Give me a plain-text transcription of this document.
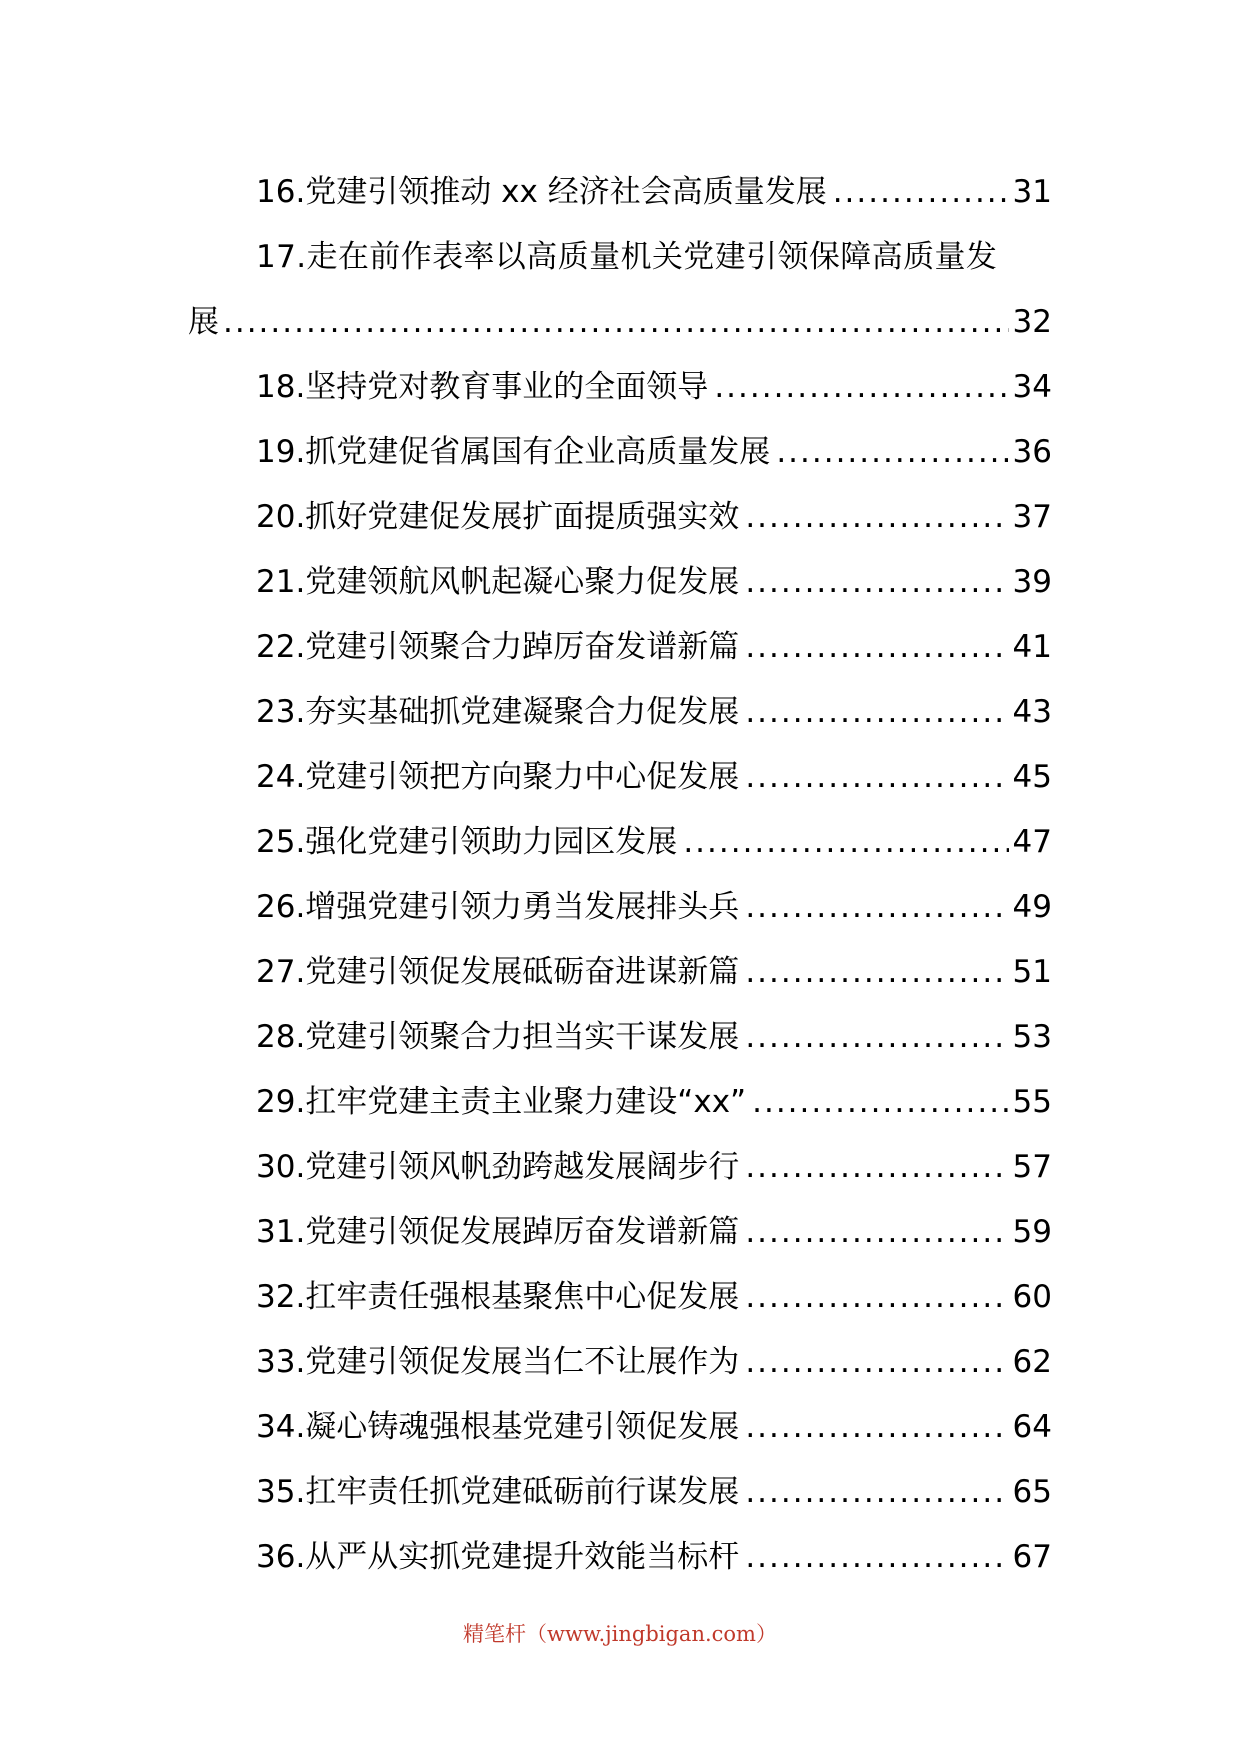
16.党建引领推动 xx 经济社会高质量发展 .....	31
17.走在前作表率以高质量机关党建引领保障高质量发
展 .....	32
18.坚持党对教育事业的全面领导 .....	34
19.抓党建促省属国有企业高质量发展 .....	36
20.抓好党建促发展扩面提质强实效 .....	37
21.党建领航风帆起凝心聚力促发展 .....	39
22.党建引领聚合力踔厉奋发谱新篇 .....	41
23.夯实基础抓党建凝聚合力促发展 .....	43
24.党建引领把方向聚力中心促发展 .....	45
25.强化党建引领助力园区发展 .....	47
26.增强党建引领力勇当发展排头兵 .....	49
27.党建引领促发展砥砺奋进谋新篇 .....	51
28.党建引领聚合力担当实干谋发展 .....	53
29.扛牢党建主责主业聚力建设“xx” .....	55
30.党建引领风帆劲跨越发展阔步行 .....	57
31.党建引领促发展踔厉奋发谱新篇 .....	59
32.扛牢责任强根基聚焦中心促发展 .....	60
33.党建引领促发展当仁不让展作为 .....	62
34.凝心铸魂强根基党建引领促发展 .....	64
35.扛牢责任抓党建砥砺前行谋发展 .....	65
36.从严从实抓党建提升效能当标杆 .....	67
精笔杆（www.jingbigan.com）
